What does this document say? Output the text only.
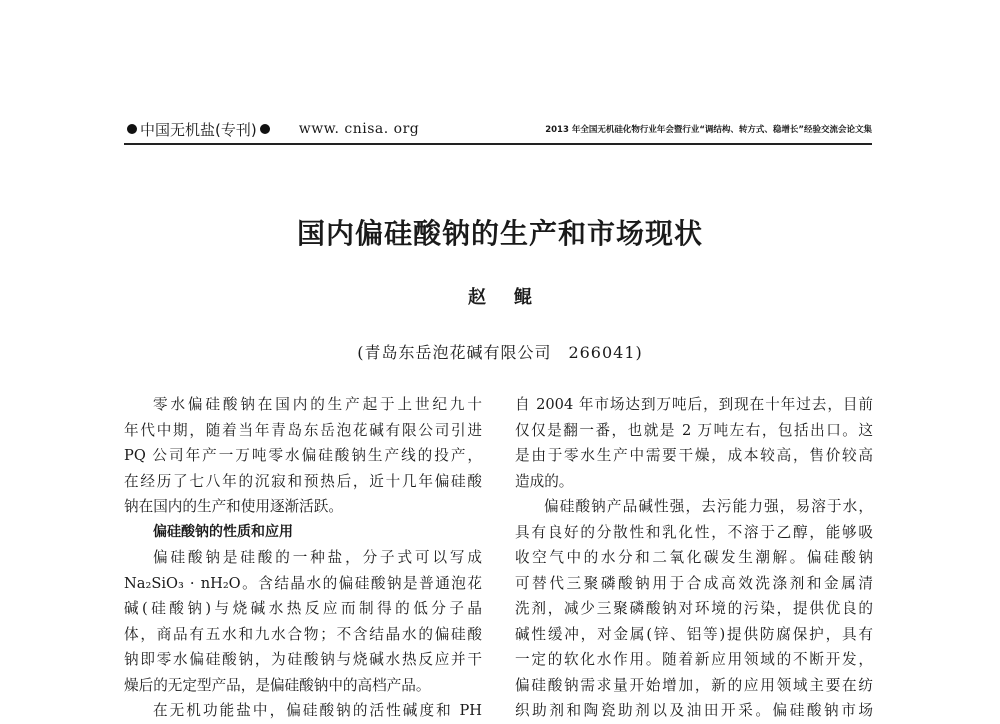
中国无机盐(专刊)	www. cnisa. org	2013 年全国无机硅化物行业年会暨行业“调结构、转方式、稳增长”经验交流会论文集
国内偏硅酸钠的生产和市场现状
赵 鲲
(青岛东岳泡花碱有限公司　266041)
零水偏硅酸钠在国内的生产起于上世纪九十
年代中期，随着当年青岛东岳泡花碱有限公司引进
PQ 公司年产一万吨零水偏硅酸钠生产线的投产，
在经历了七八年的沉寂和预热后，近十几年偏硅酸
钠在国内的生产和使用逐渐活跃。
偏硅酸钠的性质和应用
偏硅酸钠是硅酸的一种盐，分子式可以写成
Na₂SiO₃ · nH₂O。含结晶水的偏硅酸钠是普通泡花
碱(硅酸钠)与烧碱水热反应而制得的低分子晶
体，商品有五水和九水合物；不含结晶水的偏硅酸
钠即零水偏硅酸钠，为硅酸钠与烧碱水热反应并干
燥后的无定型产品，是偏硅酸钠中的高档产品。
在无机功能盐中，偏硅酸钠的活性碱度和 PH
自 2004 年市场达到万吨后，到现在十年过去，目前
仅仅是翻一番，也就是 2 万吨左右，包括出口。这
是由于零水生产中需要干燥，成本较高，售价较高
造成的。
偏硅酸钠产品碱性强，去污能力强，易溶于水，
具有良好的分散性和乳化性，不溶于乙醇，能够吸
收空气中的水分和二氧化碳发生潮解。偏硅酸钠
可替代三聚磷酸钠用于合成高效洗涤剂和金属清
洗剂，减少三聚磷酸钠对环境的污染，提供优良的
碱性缓冲，对金属(锌、铝等)提供防腐保护，具有
一定的软化水作用。随着新应用领域的不断开发，
偏硅酸钠需求量开始增加，新的应用领域主要在纺
织助剂和陶瓷助剂以及油田开采。偏硅酸钠市场
